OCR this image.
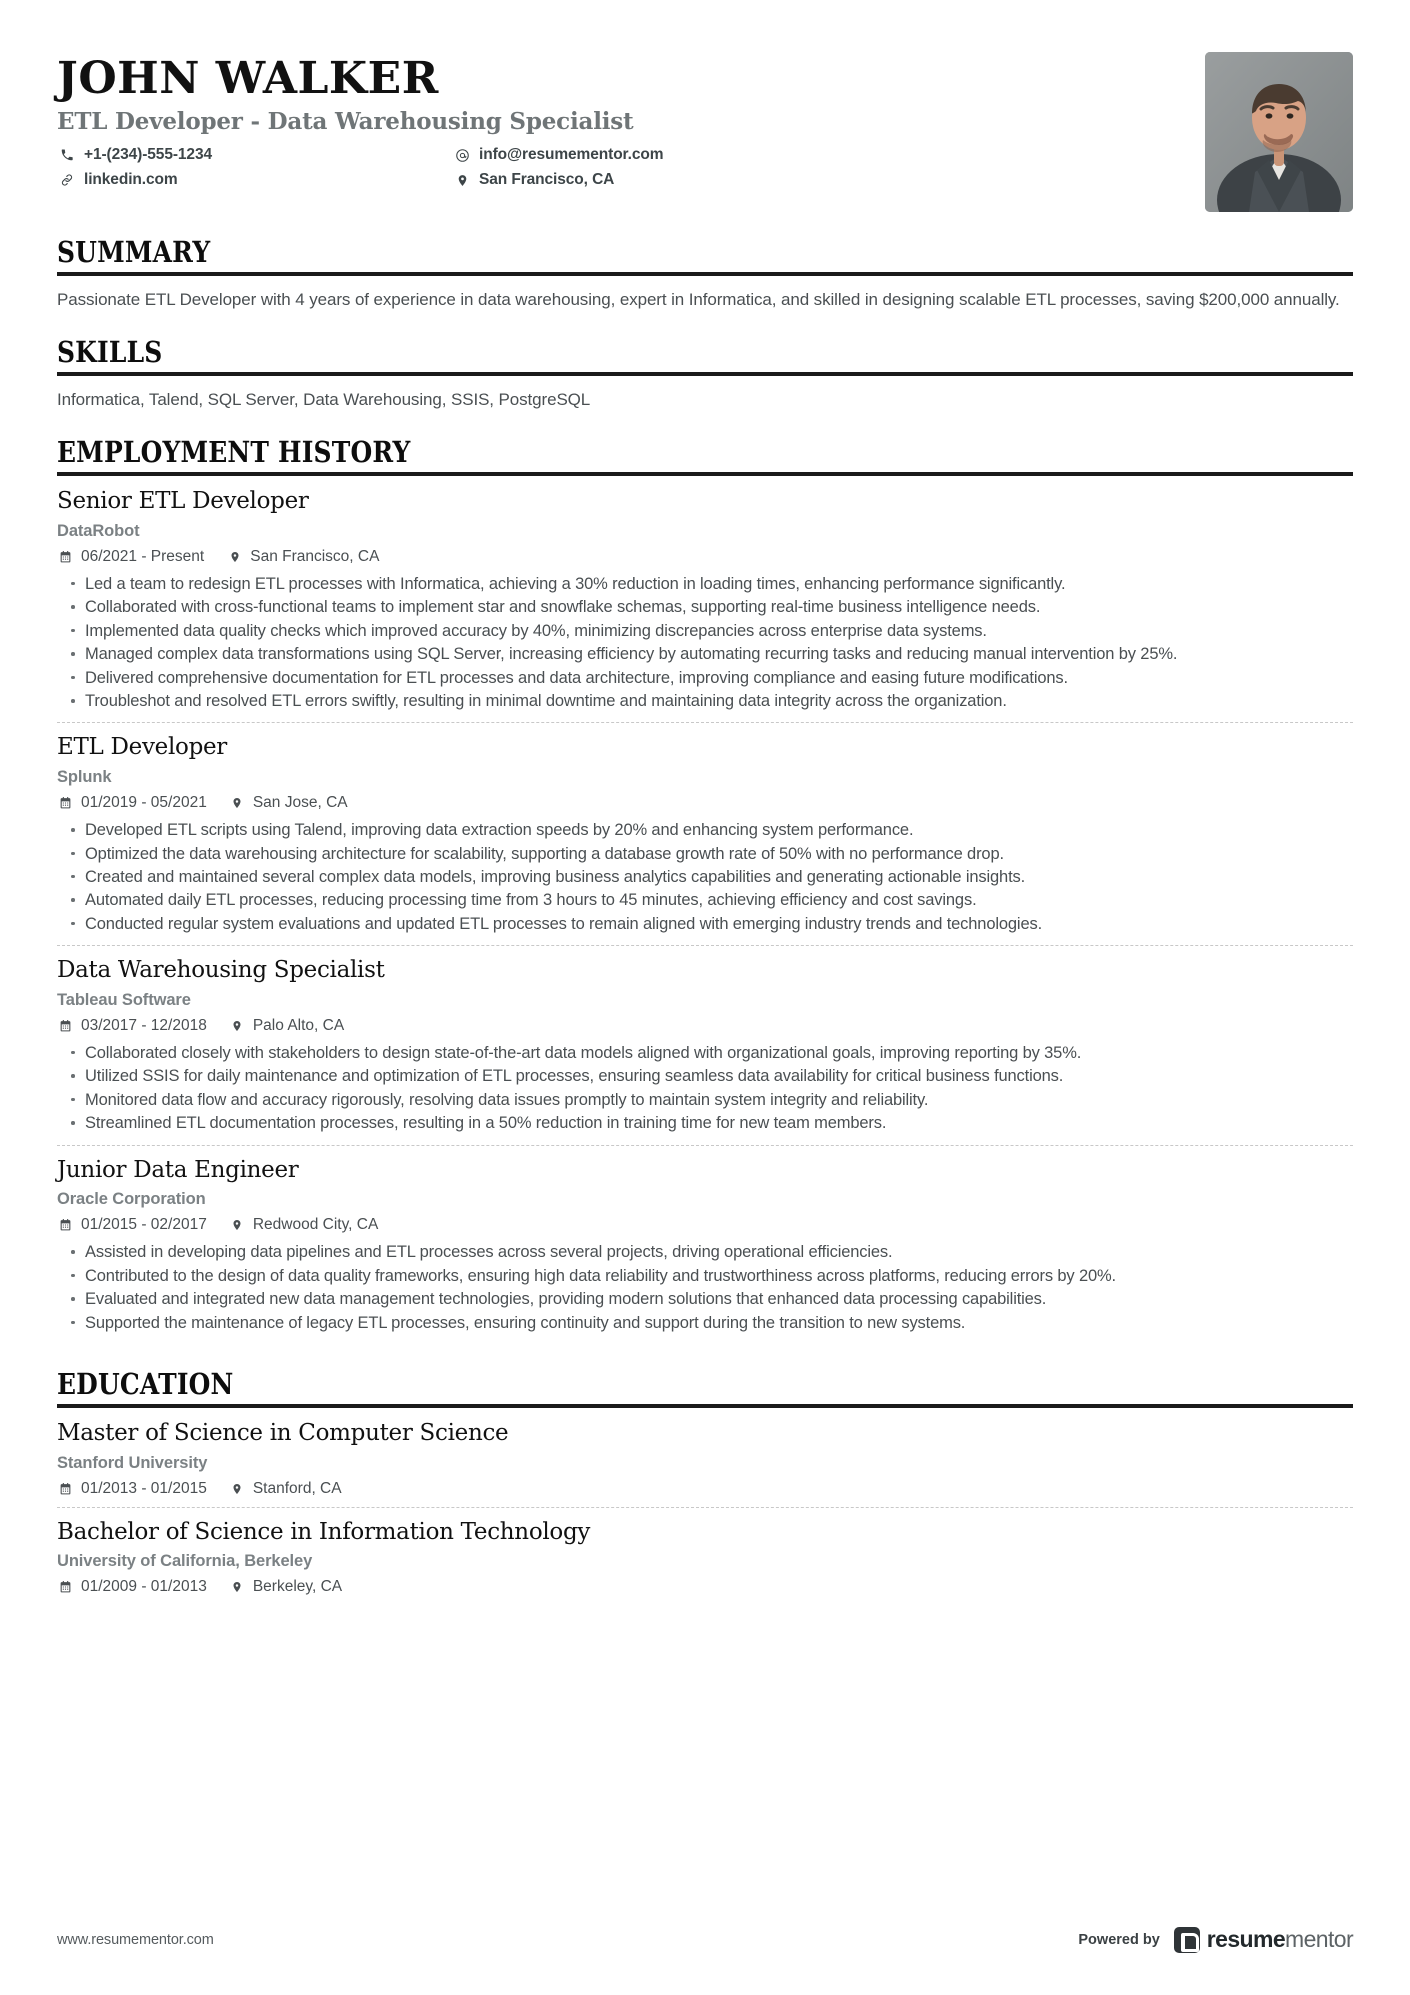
JOHN WALKER
ETL Developer - Data Warehousing Specialist
+1-(234)-555-1234	info@resumementor.com
linkedin.com	San Francisco, CA
SUMMARY
Passionate ETL Developer with 4 years of experience in data warehousing, expert in Informatica, and skilled in designing scalable ETL processes, saving $200,000 annually.
SKILLS
Informatica, Talend, SQL Server, Data Warehousing, SSIS, PostgreSQL
EMPLOYMENT HISTORY
Senior ETL Developer
DataRobot
06/2021 - Present	San Francisco, CA
Led a team to redesign ETL processes with Informatica, achieving a 30% reduction in loading times, enhancing performance significantly.
Collaborated with cross-functional teams to implement star and snowflake schemas, supporting real-time business intelligence needs.
Implemented data quality checks which improved accuracy by 40%, minimizing discrepancies across enterprise data systems.
Managed complex data transformations using SQL Server, increasing efficiency by automating recurring tasks and reducing manual intervention by 25%.
Delivered comprehensive documentation for ETL processes and data architecture, improving compliance and easing future modifications.
Troubleshot and resolved ETL errors swiftly, resulting in minimal downtime and maintaining data integrity across the organization.
ETL Developer
Splunk
01/2019 - 05/2021	San Jose, CA
Developed ETL scripts using Talend, improving data extraction speeds by 20% and enhancing system performance.
Optimized the data warehousing architecture for scalability, supporting a database growth rate of 50% with no performance drop.
Created and maintained several complex data models, improving business analytics capabilities and generating actionable insights.
Automated daily ETL processes, reducing processing time from 3 hours to 45 minutes, achieving efficiency and cost savings.
Conducted regular system evaluations and updated ETL processes to remain aligned with emerging industry trends and technologies.
Data Warehousing Specialist
Tableau Software
03/2017 - 12/2018	Palo Alto, CA
Collaborated closely with stakeholders to design state-of-the-art data models aligned with organizational goals, improving reporting by 35%.
Utilized SSIS for daily maintenance and optimization of ETL processes, ensuring seamless data availability for critical business functions.
Monitored data flow and accuracy rigorously, resolving data issues promptly to maintain system integrity and reliability.
Streamlined ETL documentation processes, resulting in a 50% reduction in training time for new team members.
Junior Data Engineer
Oracle Corporation
01/2015 - 02/2017	Redwood City, CA
Assisted in developing data pipelines and ETL processes across several projects, driving operational efficiencies.
Contributed to the design of data quality frameworks, ensuring high data reliability and trustworthiness across platforms, reducing errors by 20%.
Evaluated and integrated new data management technologies, providing modern solutions that enhanced data processing capabilities.
Supported the maintenance of legacy ETL processes, ensuring continuity and support during the transition to new systems.
EDUCATION
Master of Science in Computer Science
Stanford University
01/2013 - 01/2015	Stanford, CA
Bachelor of Science in Information Technology
University of California, Berkeley
01/2009 - 01/2013	Berkeley, CA
www.resumementor.com	Powered by resumementor
